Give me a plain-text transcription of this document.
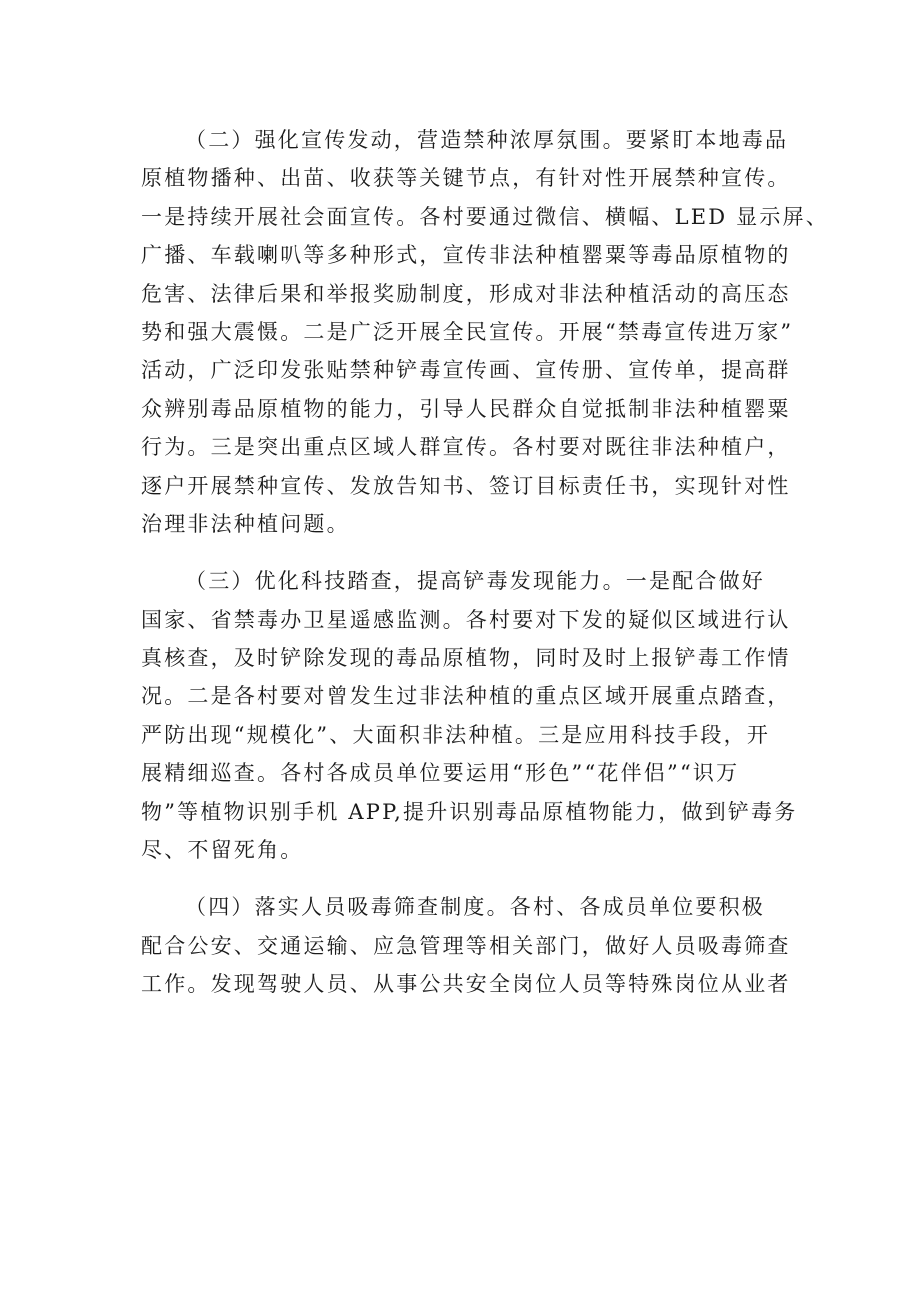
（二）强化宣传发动，营造禁种浓厚氛围。要紧盯本地毒品
原植物播种、出苗、收获等关键节点，有针对性开展禁种宣传。
一是持续开展社会面宣传。各村要通过微信、横幅、LED 显示屏、
广播、车载喇叭等多种形式，宣传非法种植罂粟等毒品原植物的
危害、法律后果和举报奖励制度，形成对非法种植活动的高压态
势和强大震慑。二是广泛开展全民宣传。开展“禁毒宣传进万家”
活动，广泛印发张贴禁种铲毒宣传画、宣传册、宣传单，提高群
众辨别毒品原植物的能力，引导人民群众自觉抵制非法种植罂粟
行为。三是突出重点区域人群宣传。各村要对既往非法种植户，
逐户开展禁种宣传、发放告知书、签订目标责任书，实现针对性
治理非法种植问题。
（三）优化科技踏查，提高铲毒发现能力。一是配合做好
国家、省禁毒办卫星遥感监测。各村要对下发的疑似区域进行认
真核查，及时铲除发现的毒品原植物，同时及时上报铲毒工作情
况。二是各村要对曾发生过非法种植的重点区域开展重点踏查，
严防出现“规模化”、大面积非法种植。三是应用科技手段，开
展精细巡查。各村各成员单位要运用“形色”“花伴侣”“识万
物”等植物识别手机 APP,提升识别毒品原植物能力，做到铲毒务
尽、不留死角。
（四）落实人员吸毒筛查制度。各村、各成员单位要积极
配合公安、交通运输、应急管理等相关部门，做好人员吸毒筛查
工作。发现驾驶人员、从事公共安全岗位人员等特殊岗位从业者
